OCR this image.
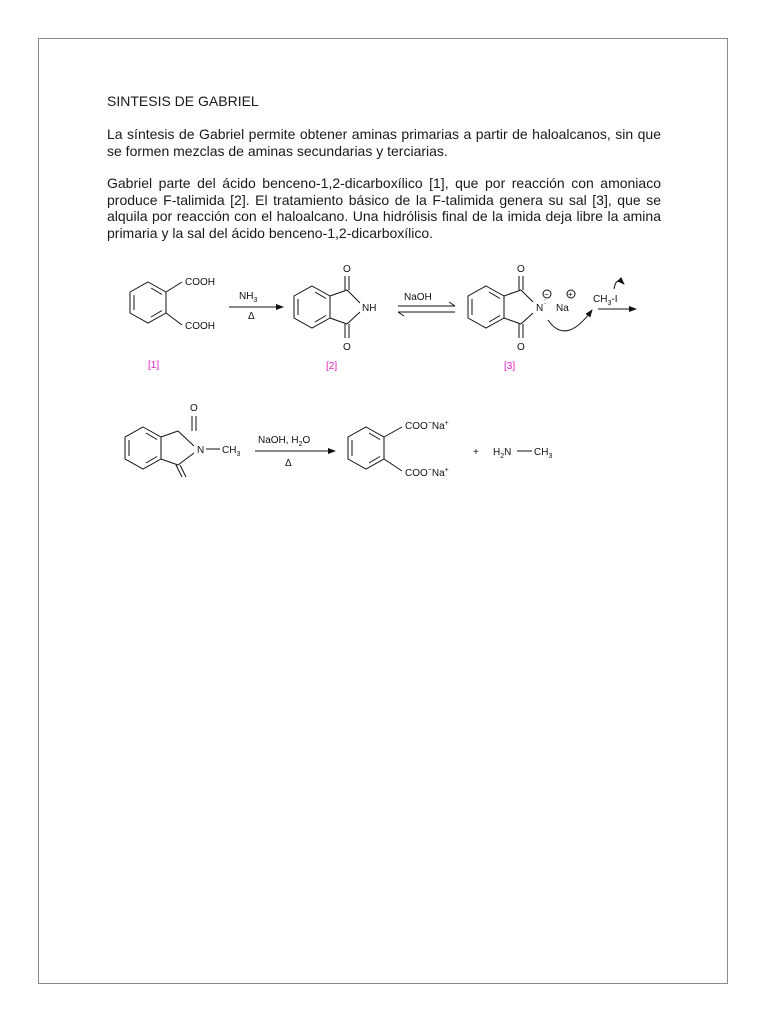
SINTESIS DE GABRIEL

La síntesis de Gabriel permite obtener aminas primarias a partir de haloalcanos, sin que se formen mezclas de aminas secundarias y terciarias.

Gabriel parte del ácido benceno-1,2-dicarboxílico [1], que por reacción con amoniaco produce F-talimida [2]. El tratamiento básico de la F-talimida genera su sal [3], que se alquila por reacción con el haloalcano. Una hidrólisis final de la imida deja libre la amina primaria y la sal del ácido benceno-1,2-dicarboxílico.

COOH
COOH
$NH_3$
Δ
O
O
NH
NaOH
O
O
−
N
:
Na
+ $CH_3-I$
O
N $CH_3$
NaOH, $H_2O$
Δ
COO−Na+
COO−Na+
+ $H_2N$ $CH_3$
[1]	[2]	[3]
